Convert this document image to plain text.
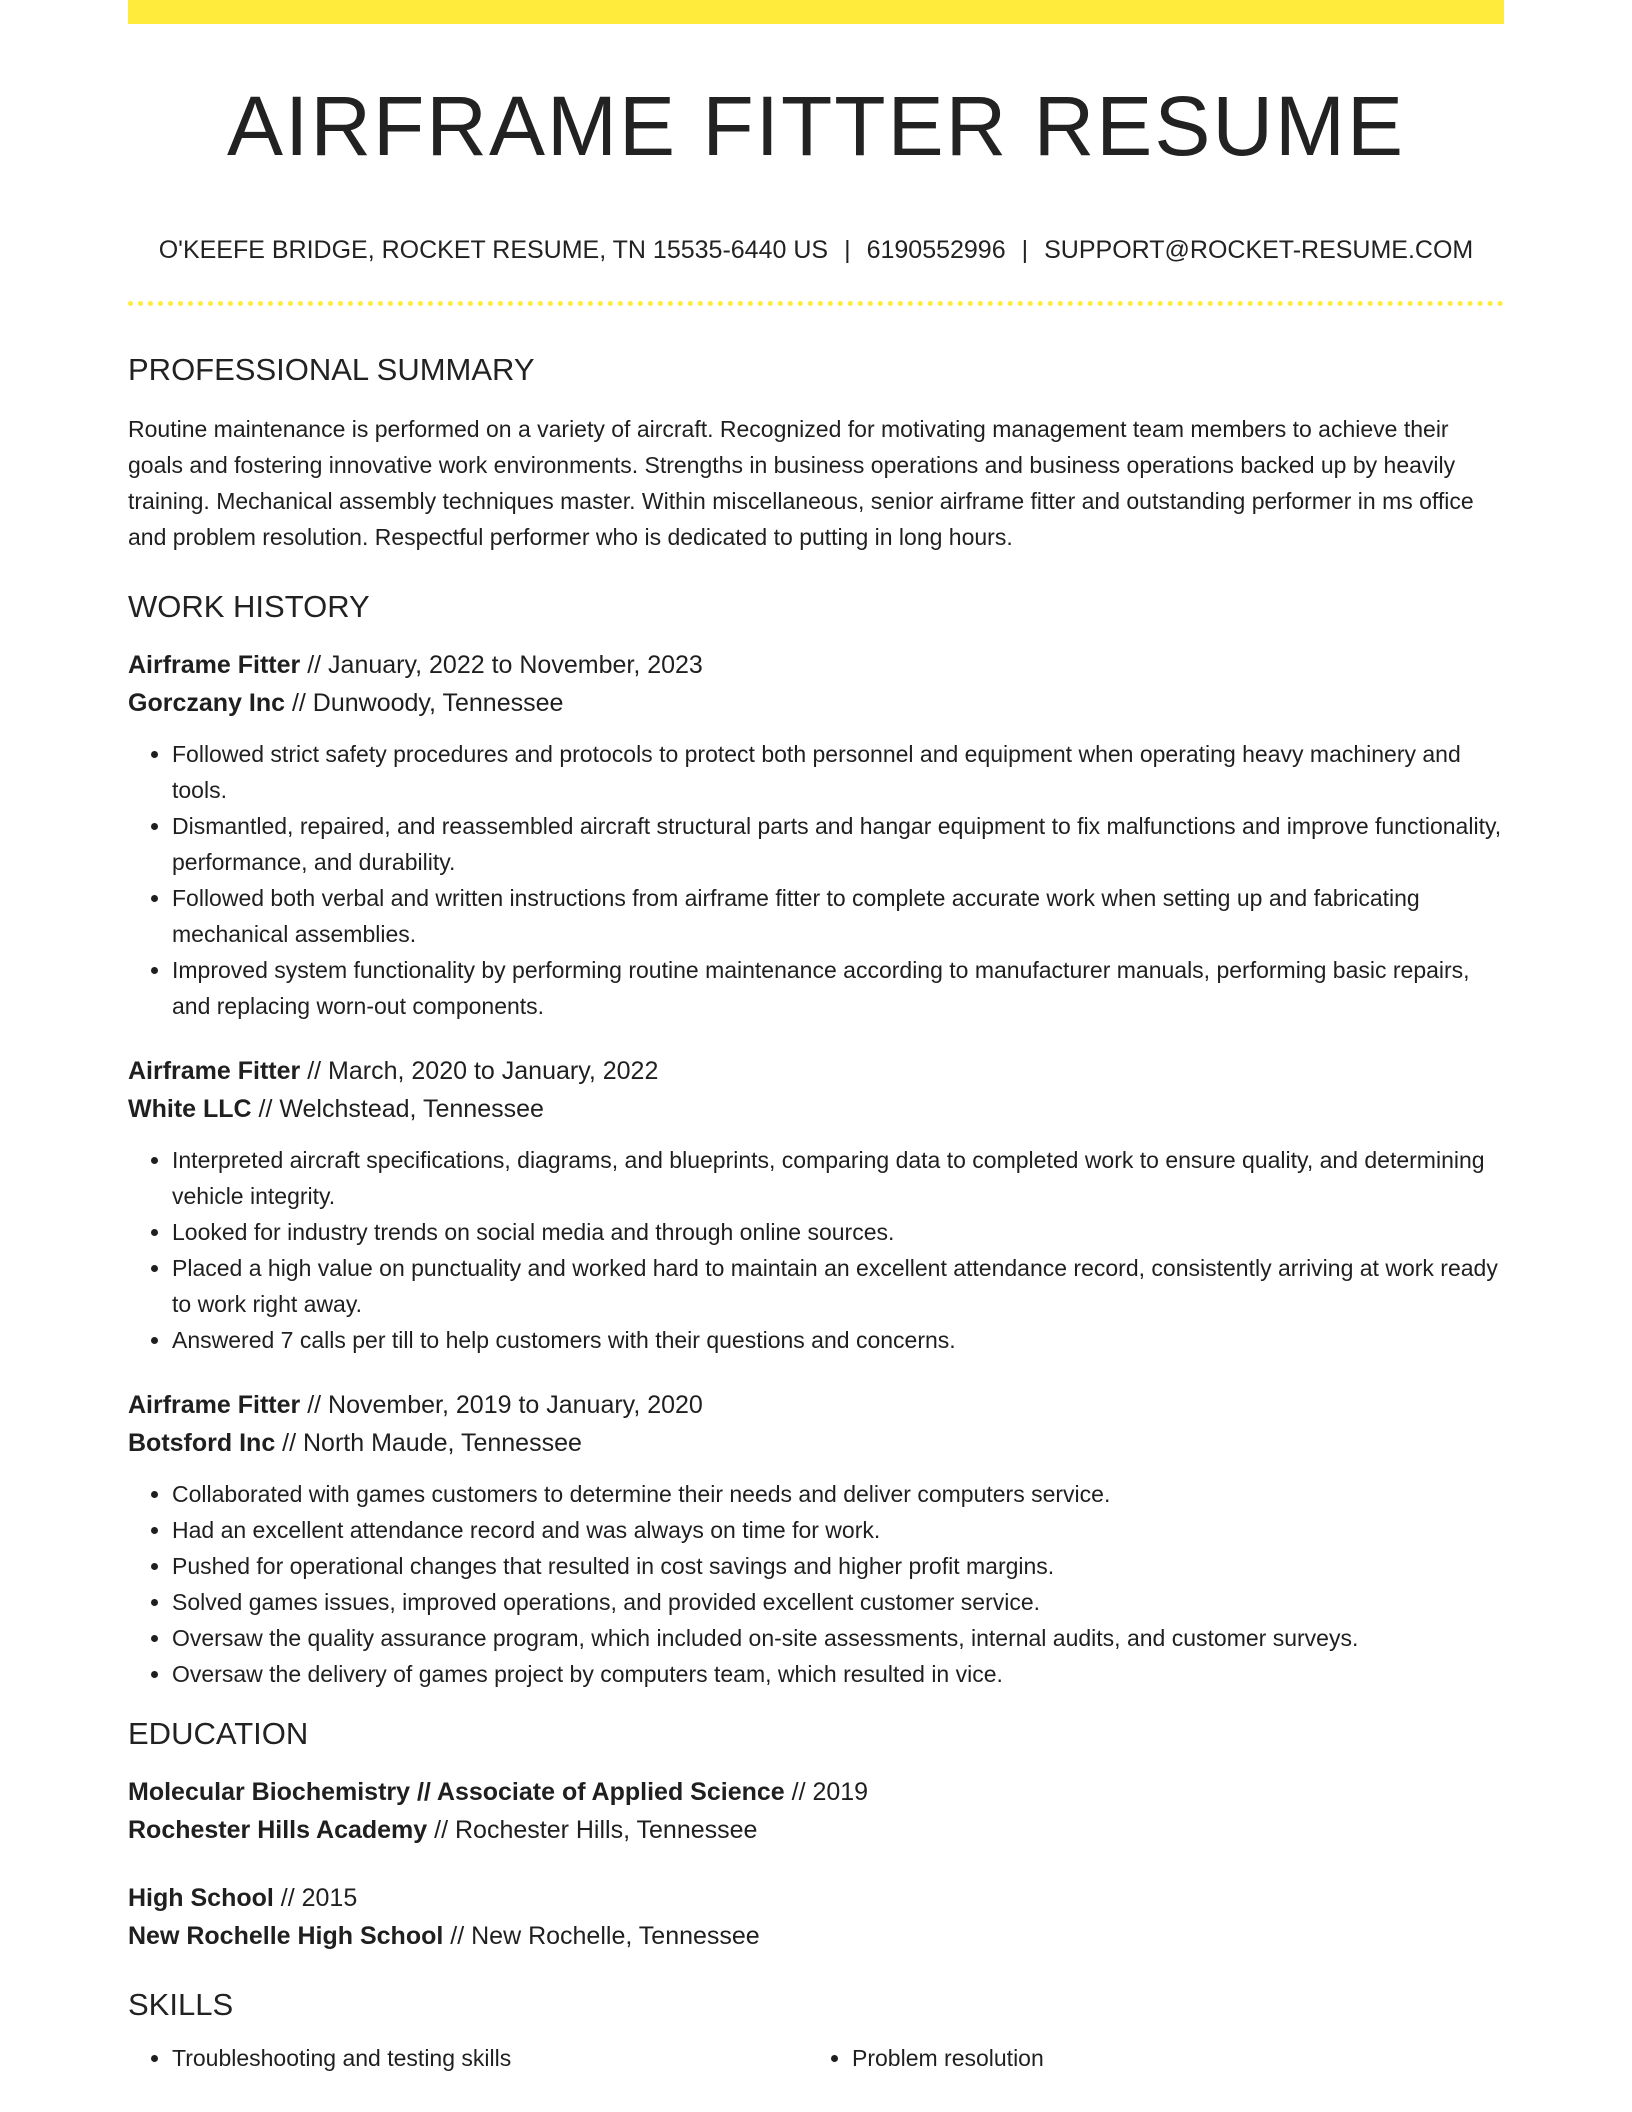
AIRFRAME FITTER RESUME
O'KEEFE BRIDGE, ROCKET RESUME, TN 15535-6440 US | 6190552996 | SUPPORT@ROCKET-RESUME.COM
PROFESSIONAL SUMMARY

Routine maintenance is performed on a variety of aircraft. Recognized for motivating management team members to achieve their goals and fostering innovative work environments. Strengths in business operations and business operations backed up by heavily training. Mechanical assembly techniques master. Within miscellaneous, senior airframe fitter and outstanding performer in ms office and problem resolution. Respectful performer who is dedicated to putting in long hours.

WORK HISTORY
Airframe Fitter // January, 2022 to November, 2023
Gorczany Inc // Dunwoody, Tennessee
• Followed strict safety procedures and protocols to protect both personnel and equipment when operating heavy machinery and tools.
• Dismantled, repaired, and reassembled aircraft structural parts and hangar equipment to fix malfunctions and improve functionality, performance, and durability.
• Followed both verbal and written instructions from airframe fitter to complete accurate work when setting up and fabricating mechanical assemblies.
• Improved system functionality by performing routine maintenance according to manufacturer manuals, performing basic repairs, and replacing worn-out components.
Airframe Fitter // March, 2020 to January, 2022
White LLC // Welchstead, Tennessee
• Interpreted aircraft specifications, diagrams, and blueprints, comparing data to completed work to ensure quality, and determining vehicle integrity.
• Looked for industry trends on social media and through online sources.
• Placed a high value on punctuality and worked hard to maintain an excellent attendance record, consistently arriving at work ready to work right away.
• Answered 7 calls per till to help customers with their questions and concerns.
Airframe Fitter // November, 2019 to January, 2020
Botsford Inc // North Maude, Tennessee
• Collaborated with games customers to determine their needs and deliver computers service.
• Had an excellent attendance record and was always on time for work.
• Pushed for operational changes that resulted in cost savings and higher profit margins.
• Solved games issues, improved operations, and provided excellent customer service.
• Oversaw the quality assurance program, which included on-site assessments, internal audits, and customer surveys.
• Oversaw the delivery of games project by computers team, which resulted in vice.
EDUCATION
Molecular Biochemistry // Associate of Applied Science // 2019
Rochester Hills Academy // Rochester Hills, Tennessee
High School // 2015
New Rochelle High School // New Rochelle, Tennessee
SKILLS
• Troubleshooting and testing skills
•	Problem resolution
